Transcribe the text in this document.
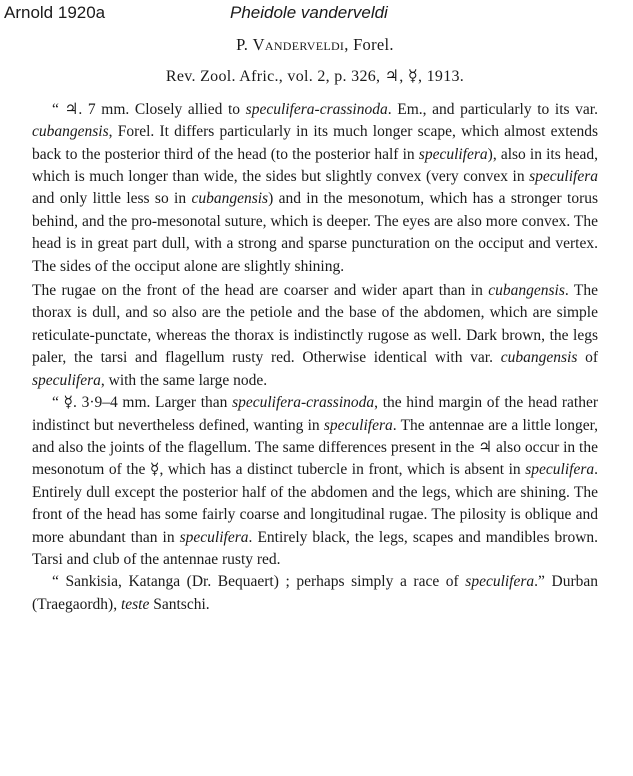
Arnold 1920a	Pheidole vanderveldi
P. Vanderveldi, Forel.
Rev. Zool. Afric., vol. 2, p. 326, ♃, ☿, 1913.

“ ♃. 7 mm. Closely allied to speculifera-crassinoda. Em., and particularly to its var. cubangensis, Forel. It differs particularly in its much longer scape, which almost extends back to the posterior third of the head (to the posterior half in speculifera), also in its head, which is much longer than wide, the sides but slightly convex (very convex in speculifera and only little less so in cubangensis) and in the mesonotum, which has a stronger torus behind, and the pro-mesonotal suture, which is deeper. The eyes are also more convex. The head is in great part dull, with a strong and sparse puncturation on the occiput and vertex. The sides of the occiput alone are slightly shining.

The rugae on the front of the head are coarser and wider apart than in cubangensis. The thorax is dull, and so also are the petiole and the base of the abdomen, which are simple reticulate-punctate, whereas the thorax is indistinctly rugose as well. Dark brown, the legs paler, the tarsi and flagellum rusty red. Otherwise identical with var. cubangensis of speculifera, with the same large node.

“ ☿. 3·9–4 mm. Larger than speculifera-crassinoda, the hind margin of the head rather indistinct but nevertheless defined, wanting in speculifera. The antennae are a little longer, and also the joints of the flagellum. The same differences present in the ♃ also occur in the mesonotum of the ☿, which has a distinct tubercle in front, which is absent in speculifera. Entirely dull except the posterior half of the abdomen and the legs, which are shining. The front of the head has some fairly coarse and longitudinal rugae. The pilosity is oblique and more abundant than in speculifera. Entirely black, the legs, scapes and mandibles brown. Tarsi and club of the antennae rusty red.

“ Sankisia, Katanga (Dr. Bequaert) ; perhaps simply a race of speculifera.” Durban (Traegaordh), teste Santschi.
